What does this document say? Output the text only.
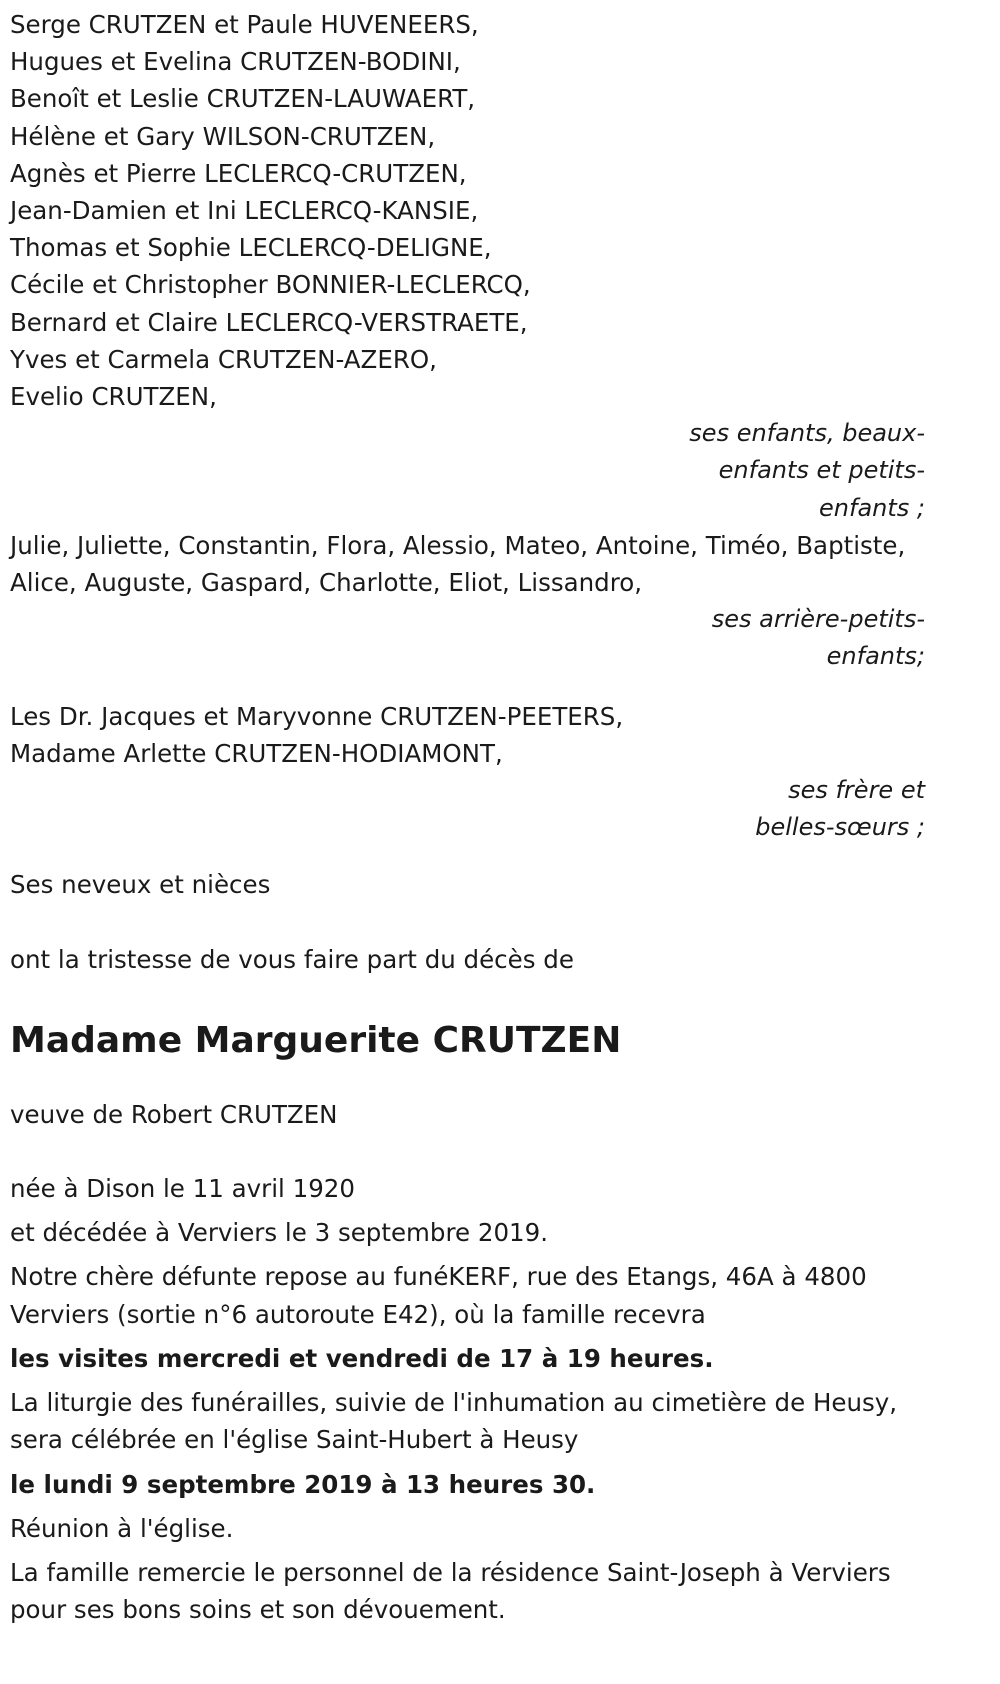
Serge CRUTZEN et Paule HUVENEERS,
Hugues et Evelina CRUTZEN-BODINI,
Benoît et Leslie CRUTZEN-LAUWAERT,
Hélène et Gary WILSON-CRUTZEN,
Agnès et Pierre LECLERCQ-CRUTZEN,
Jean-Damien et Ini LECLERCQ-KANSIE,
Thomas et Sophie LECLERCQ-DELIGNE,
Cécile et Christopher BONNIER-LECLERCQ,
Bernard et Claire LECLERCQ-VERSTRAETE,
Yves et Carmela CRUTZEN-AZERO,
Evelio CRUTZEN,
ses enfants, beaux-
enfants et petits-
enfants ;
Julie, Juliette, Constantin, Flora, Alessio, Mateo, Antoine, Timéo, Baptiste,
Alice, Auguste, Gaspard, Charlotte, Eliot, Lissandro,
ses arrière-petits-
enfants;
Les Dr. Jacques et Maryvonne CRUTZEN-PEETERS,
Madame Arlette CRUTZEN-HODIAMONT,
ses frère et
belles-sœurs ;
Ses neveux et nièces
ont la tristesse de vous faire part du décès de
Madame Marguerite CRUTZEN
veuve de Robert CRUTZEN
née à Dison le 11 avril 1920
et décédée à Verviers le 3 septembre 2019.
Notre chère défunte repose au funéKERF, rue des Etangs, 46A à 4800
Verviers (sortie n°6 autoroute E42), où la famille recevra
les visites mercredi et vendredi de 17 à 19 heures.
La liturgie des funérailles, suivie de l'inhumation au cimetière de Heusy,
sera célébrée en l'église Saint-Hubert à Heusy
le lundi 9 septembre 2019 à 13 heures 30.
Réunion à l'église.
La famille remercie le personnel de la résidence Saint-Joseph à Verviers
pour ses bons soins et son dévouement.
